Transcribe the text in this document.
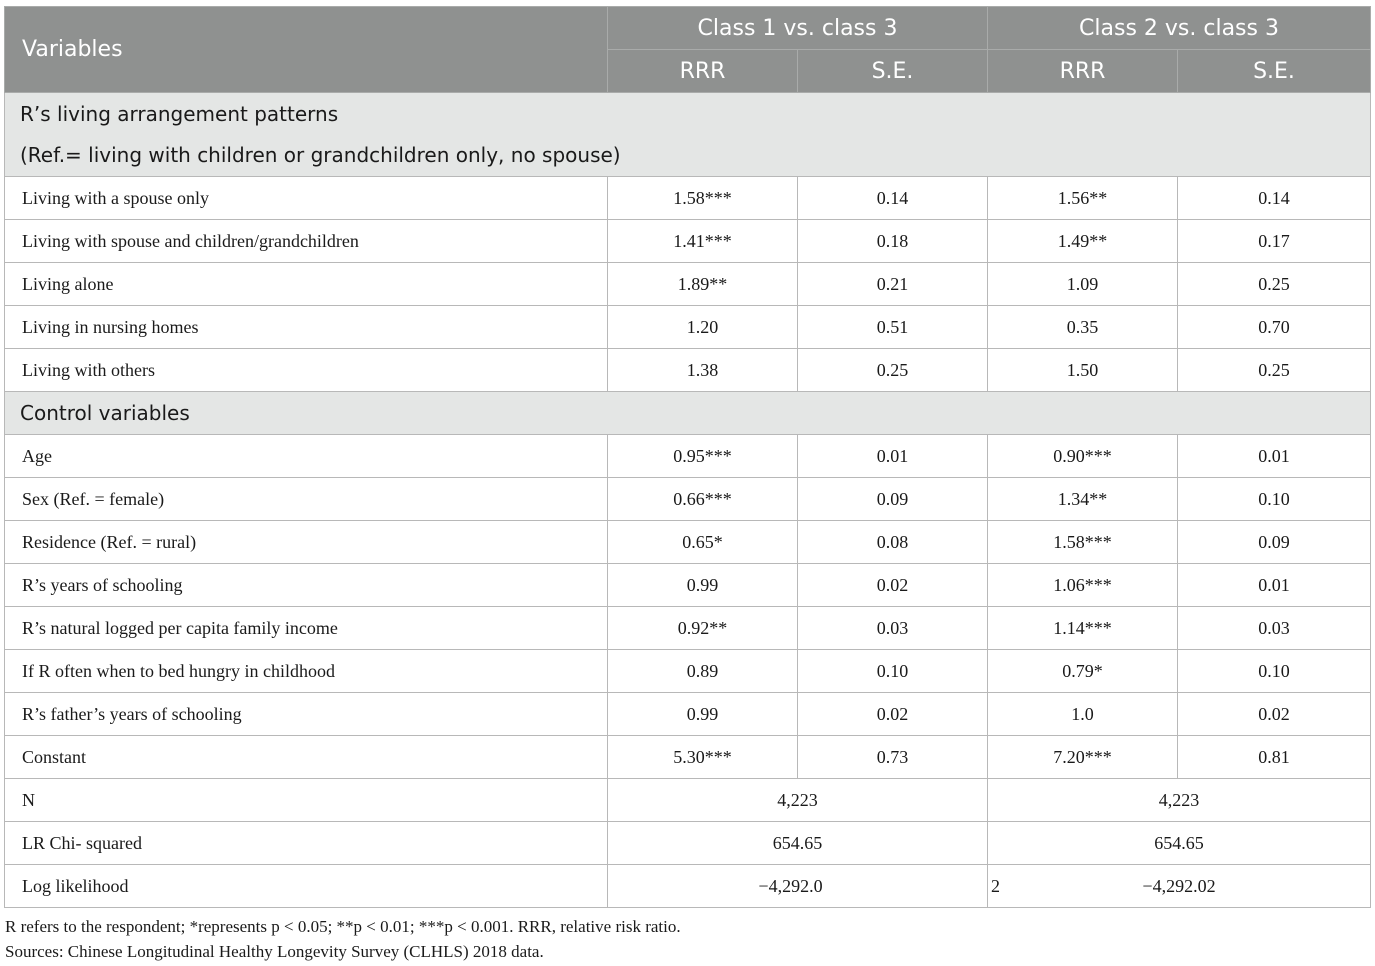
Variables	Class 1 vs. class 3		Class 2 vs. class 3	
	RRR	S.E.	RRR	S.E.

R’s living arrangement patterns
(Ref.= living with children or grandchildren only, no spouse)				

Living with a spouse only	1.58***	0.14	1.56**	0.14
Living with spouse and children/grandchildren	1.41***	0.18	1.49**	0.17
Living alone	1.89**	0.21	1.09	0.25
Living in nursing homes	1.20	0.51	0.35	0.70
Living with others	1.38	0.25	1.50	0.25
Control variables				
Age	0.95***	0.01	0.90***	0.01
Sex (Ref. = female)	0.66***	0.09	1.34**	0.10
Residence (Ref. = rural)	0.65*	0.08	1.58***	0.09
R’s years of schooling	0.99	0.02	1.06***	0.01
R’s natural logged per capita family income	0.92**	0.03	1.14***	0.03
If R often when to bed hungry in childhood	0.89	0.10	0.79*	0.10
R’s father’s years of schooling	0.99	0.02	1.0	0.02
Constant	5.30***	0.73	7.20***	0.81
N	4,223		4,223	
LR Chi- squared	654.65		654.65	
Log likelihood	−4,292.0		2 −4,292.02	
R refers to the respondent; *represents p < 0.05; **p < 0.01; ***p < 0.001. RRR, relative risk ratio.
Sources: Chinese Longitudinal Healthy Longevity Survey (CLHLS) 2018 data.
